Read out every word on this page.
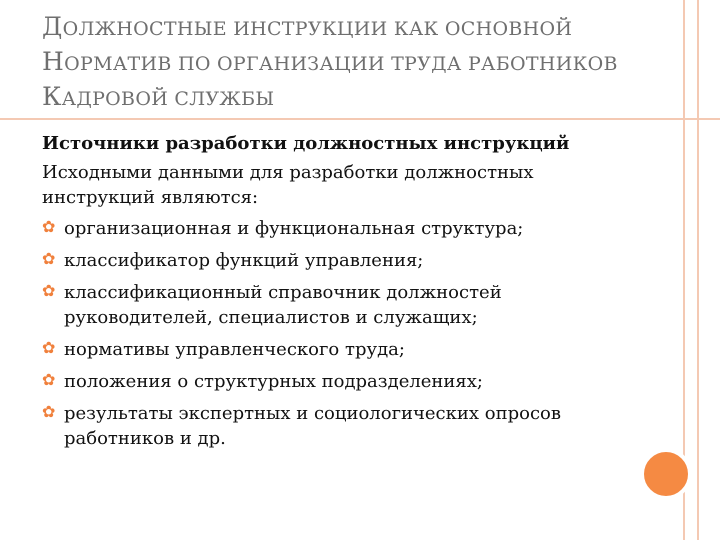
ДОЛЖНОСТНЫЕ ИНСТРУКЦИИ КАК ОСНОВНОЙ
НОРМАТИВ ПО ОРГАНИЗАЦИИ ТРУДА РАБОТНИКОВ
КАДРОВОЙ СЛУЖБЫ
Источники разработки должностных инструкций
Исходными данными для разработки должностных инструкций являются:
✿ организационная и функциональная структура;
✿ классификатор функций управления;
✿ классификационный справочник должностей руководителей, специалистов и служащих;
✿ нормативы управленческого труда;
✿ положения о структурных подразделениях;
✿ результаты экспертных и социологических опросов работников и др.
